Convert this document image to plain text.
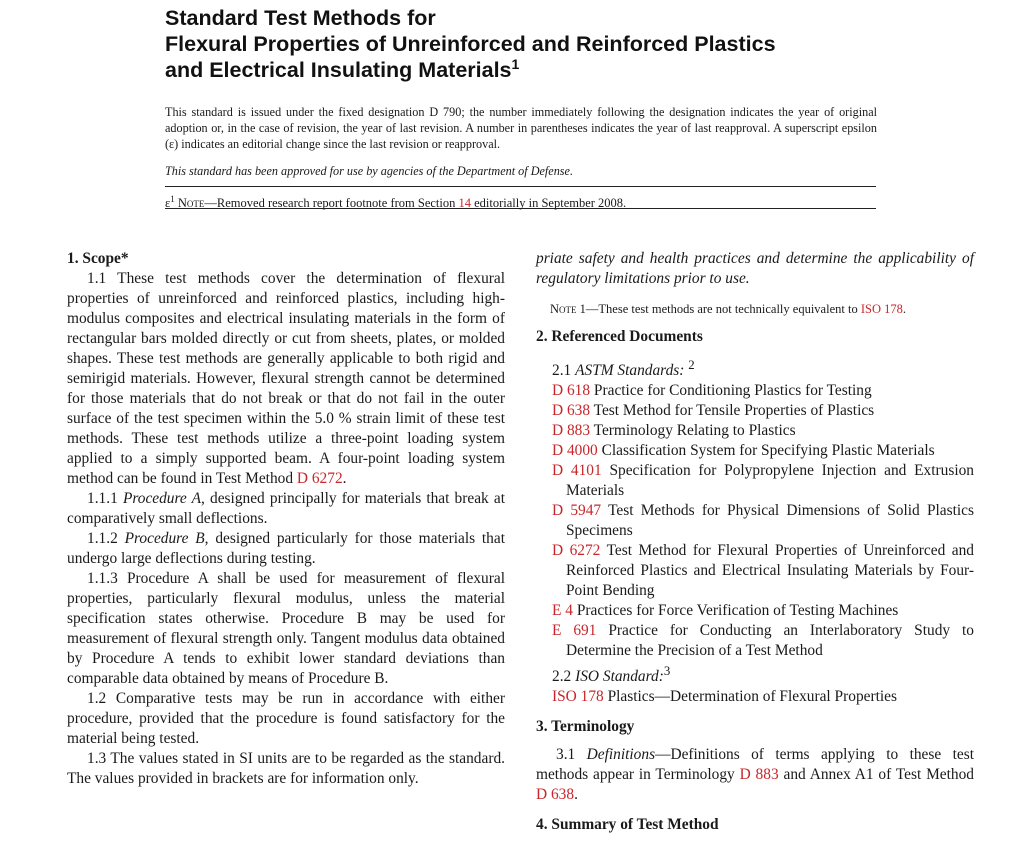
Standard Test Methods for
Flexural Properties of Unreinforced and Reinforced Plastics
and Electrical Insulating Materials$^1$
This standard is issued under the fixed designation D 790; the number immediately following the designation indicates the year of original adoption or, in the case of revision, the year of last revision. A number in parentheses indicates the year of last reapproval. A superscript epsilon (ε) indicates an editorial change since the last revision or reapproval.
This standard has been approved for use by agencies of the Department of Defense.
$\varepsilon^1$ Note—Removed research report footnote from Section 14 editorially in September 2008.
1. Scope*

1.1 These test methods cover the determination of flexural properties of unreinforced and reinforced plastics, including high-modulus composites and electrical insulating materials in the form of rectangular bars molded directly or cut from sheets, plates, or molded shapes. These test methods are generally applicable to both rigid and semirigid materials. However, flexural strength cannot be determined for those materials that do not break or that do not fail in the outer surface of the test specimen within the 5.0 % strain limit of these test methods. These test methods utilize a three-point loading system applied to a simply supported beam. A four-point loading system method can be found in Test Method D 6272.

1.1.1 Procedure A, designed principally for materials that break at comparatively small deflections.

1.1.2 Procedure B, designed particularly for those materials that undergo large deflections during testing.

1.1.3 Procedure A shall be used for measurement of flexural properties, particularly flexural modulus, unless the material specification states otherwise. Procedure B may be used for measurement of flexural strength only. Tangent modulus data obtained by Procedure A tends to exhibit lower standard deviations than comparable data obtained by means of Procedure B.

1.2 Comparative tests may be run in accordance with either procedure, provided that the procedure is found satisfactory for the material being tested.

1.3 The values stated in SI units are to be regarded as the standard. The values provided in brackets are for information only.

priate safety and health practices and determine the applicability of regulatory limitations prior to use.

Note 1—These test methods are not technically equivalent to ISO 178.

2. Referenced Documents
2.1 ASTM Standards: $^2$
D 618 Practice for Conditioning Plastics for Testing
D 638 Test Method for Tensile Properties of Plastics
D 883 Terminology Relating to Plastics
D 4000 Classification System for Specifying Plastic Materials
D 4101 Specification for Polypropylene Injection and Extrusion Materials
D 5947 Test Methods for Physical Dimensions of Solid Plastics Specimens
D 6272 Test Method for Flexural Properties of Unreinforced and Reinforced Plastics and Electrical Insulating Materials by Four-Point Bending
E 4 Practices for Force Verification of Testing Machines
E 691 Practice for Conducting an Interlaboratory Study to Determine the Precision of a Test Method
2.2 ISO Standard:$^3$
ISO 178 Plastics—Determination of Flexural Properties
3. Terminology

3.1 Definitions—Definitions of terms applying to these test methods appear in Terminology D 883 and Annex A1 of Test Method D 638.

4. Summary of Test Method
